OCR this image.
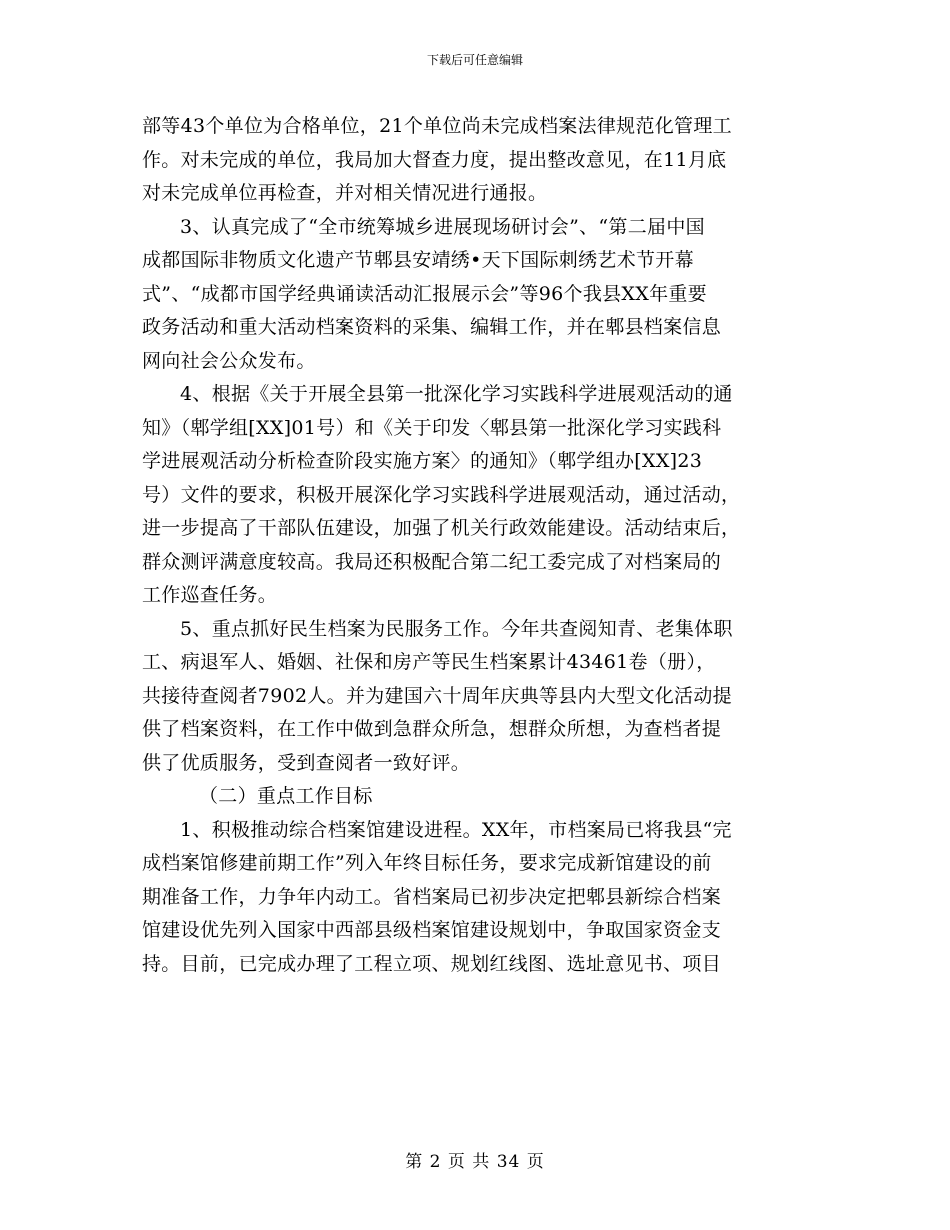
下载后可任意编辑

部等43个单位为合格单位，21个单位尚未完成档案法律规范化管理工
作。对未完成的单位，我局加大督查力度，提出整改意见，在11月底
对未完成单位再检查，并对相关情况进行通报。

3、认真完成了“全市统筹城乡进展现场研讨会”、“第二届中国
成都国际非物质文化遗产节郫县安靖绣•天下国际刺绣艺术节开幕
式”、“成都市国学经典诵读活动汇报展示会”等96个我县XX年重要
政务活动和重大活动档案资料的采集、编辑工作，并在郫县档案信息
网向社会公众发布。

4、根据《关于开展全县第一批深化学习实践科学进展观活动的通
知》（郫学组[XX]01号）和《关于印发〈郫县第一批深化学习实践科
学进展观活动分析检查阶段实施方案〉的通知》（郫学组办[XX]23
号）文件的要求，积极开展深化学习实践科学进展观活动，通过活动，
进一步提高了干部队伍建设，加强了机关行政效能建设。活动结束后，
群众测评满意度较高。我局还积极配合第二纪工委完成了对档案局的
工作巡查任务。

5、重点抓好民生档案为民服务工作。今年共查阅知青、老集体职
工、病退军人、婚姻、社保和房产等民生档案累计43461卷（册），
共接待查阅者7902人。并为建国六十周年庆典等县内大型文化活动提
供了档案资料，在工作中做到急群众所急，想群众所想，为查档者提
供了优质服务，受到查阅者一致好评。

（二）重点工作目标

1、积极推动综合档案馆建设进程。XX年，市档案局已将我县“完
成档案馆修建前期工作”列入年终目标任务，要求完成新馆建设的前
期准备工作，力争年内动工。省档案局已初步决定把郫县新综合档案
馆建设优先列入国家中西部县级档案馆建设规划中，争取国家资金支
持。目前，已完成办理了工程立项、规划红线图、选址意见书、项目

第 2 页 共 34 页
